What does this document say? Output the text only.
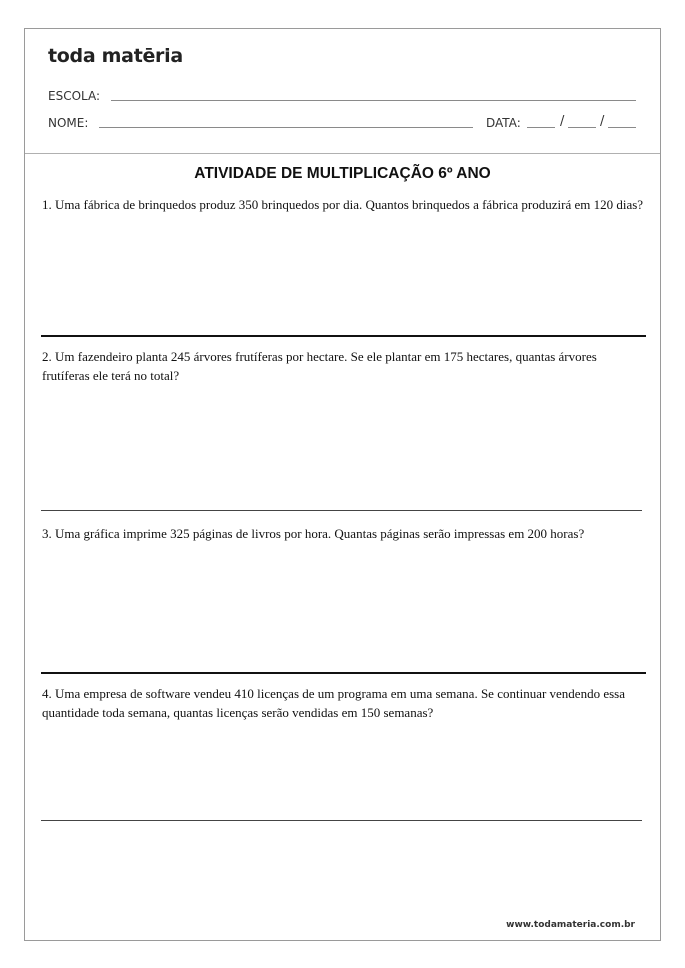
toda matēria
ESCOLA:
NOME:	DATA:	/	/
ATIVIDADE DE MULTIPLICAÇÃO 6º ANO
1. Uma fábrica de brinquedos produz 350 brinquedos por dia. Quantos brinquedos a fábrica produzirá em 120 dias?
2. Um fazendeiro planta 245 árvores frutíferas por hectare. Se ele plantar em 175 hectares, quantas árvores frutíferas ele terá no total?
3. Uma gráfica imprime 325 páginas de livros por hora. Quantas páginas serão impressas em 200 horas?
4. Uma empresa de software vendeu 410 licenças de um programa em uma semana. Se continuar vendendo essa quantidade toda semana, quantas licenças serão vendidas em 150 semanas?
www.todamateria.com.br
